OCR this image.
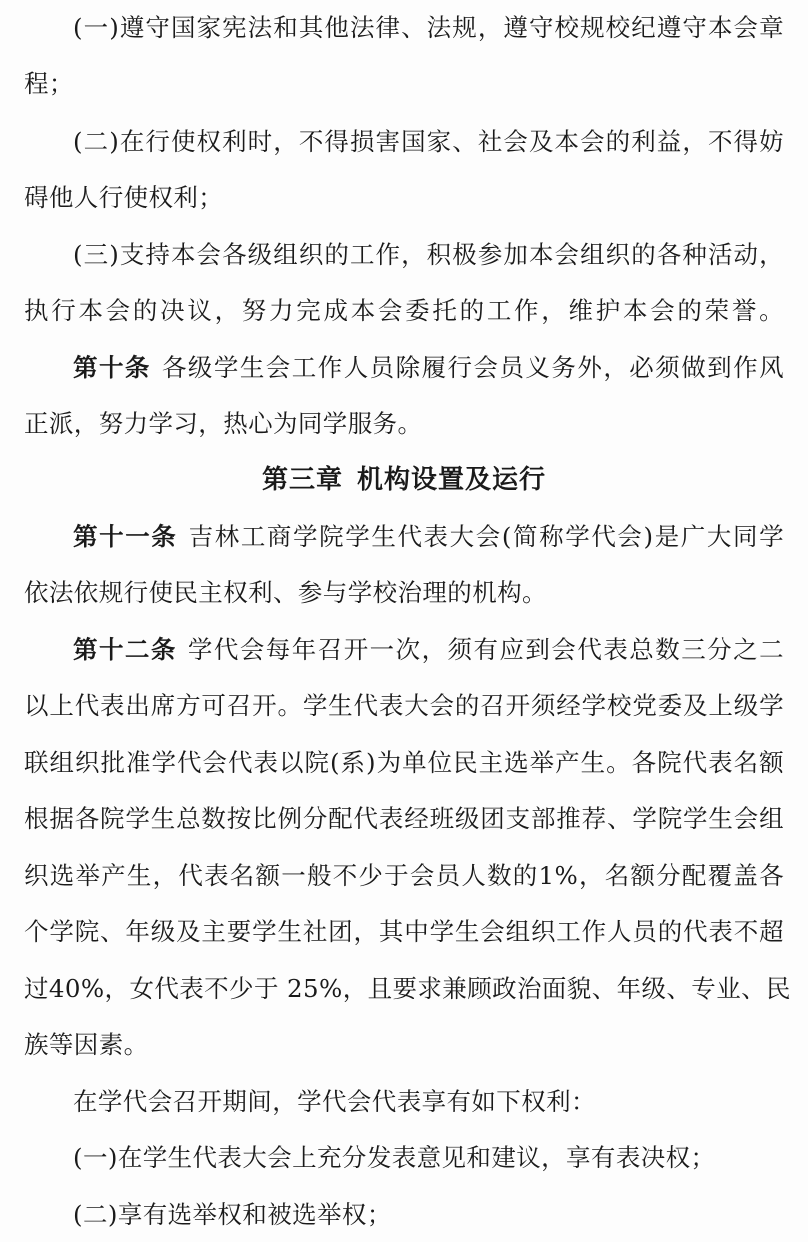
(一)遵守国家宪法和其他法律、法规，遵守校规校纪遵守本会章
程；
(二)在行使权利时，不得损害国家、社会及本会的利益，不得妨
碍他人行使权利；
(三)支持本会各级组织的工作，积极参加本会组织的各种活动，
执行本会的决议，努力完成本会委托的工作，维护本会的荣誉。
第十条 各级学生会工作人员除履行会员义务外，必须做到作风
正派，努力学习，热心为同学服务。
第三章 机构设置及运行
第十一条 吉林工商学院学生代表大会(简称学代会)是广大同学
依法依规行使民主权利、参与学校治理的机构。
第十二条 学代会每年召开一次，须有应到会代表总数三分之二
以上代表出席方可召开。学生代表大会的召开须经学校党委及上级学
联组织批准学代会代表以院(系)为单位民主选举产生。各院代表名额
根据各院学生总数按比例分配代表经班级团支部推荐、学院学生会组
织选举产生，代表名额一般不少于会员人数的1%，名额分配覆盖各
个学院、年级及主要学生社团，其中学生会组织工作人员的代表不超
过40%，女代表不少于 25%，且要求兼顾政治面貌、年级、专业、民
族等因素。
在学代会召开期间，学代会代表享有如下权利：
(一)在学生代表大会上充分发表意见和建议，享有表决权；
(二)享有选举权和被选举权；
